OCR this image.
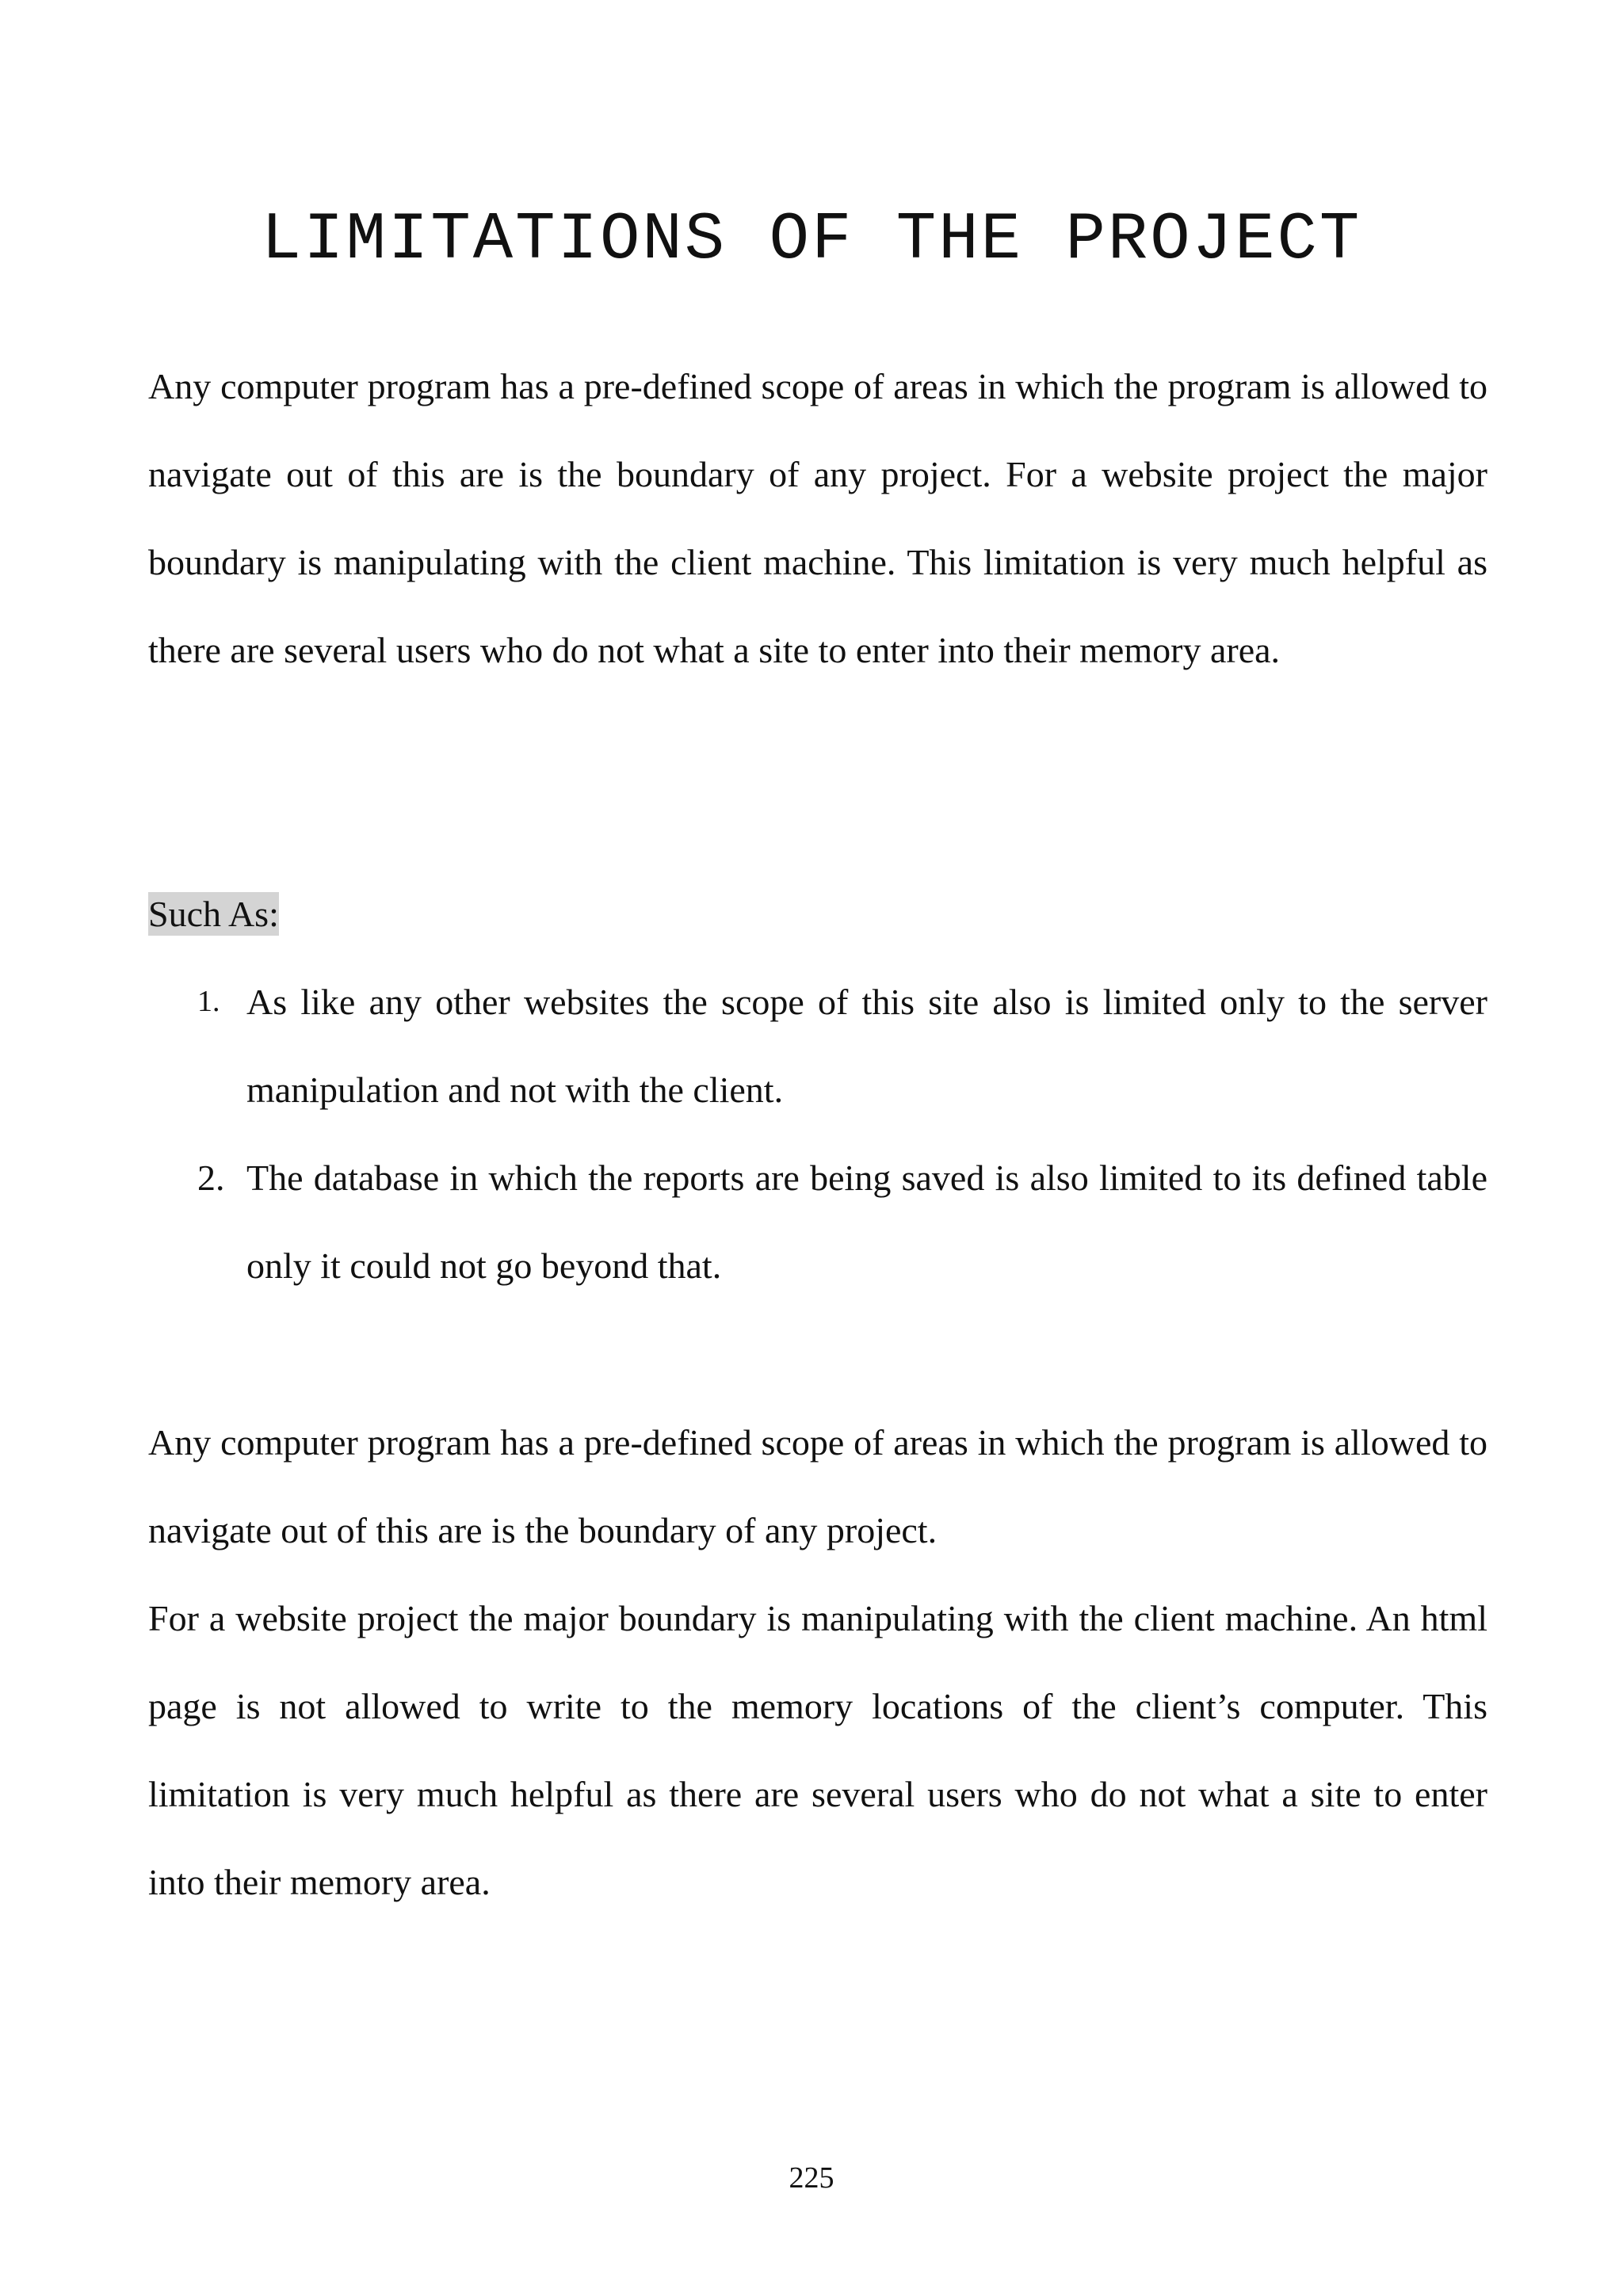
LIMITATIONS OF THE PROJECT

Any computer program has a pre-defined scope of areas in which the program is allowed to navigate out of this are is the boundary of any project. For a website project the major boundary is manipulating with the client machine. This limitation is very much helpful as there are several users who do not what a site to enter into their memory area.

Such As:

1. As like any other websites the scope of this site also is limited only to the server manipulation and not with the client.
2. The database in which the reports are being saved is also limited to its defined table only it could not go beyond that.

Any computer program has a pre-defined scope of areas in which the program is allowed to navigate out of this are is the boundary of any project.

For a website project the major boundary is manipulating with the client machine. An html page is not allowed to write to the memory locations of the client’s computer. This limitation is very much helpful as there are several users who do not what a site to enter into their memory area.

225
